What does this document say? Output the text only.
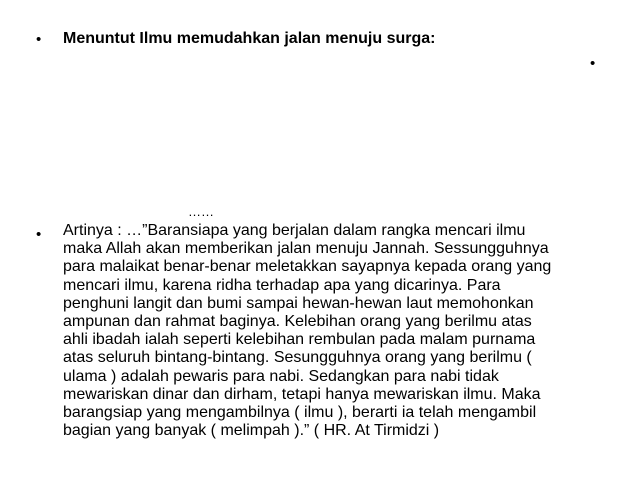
• Menuntut Ilmu memudahkan jalan menuju surga:
•
……
• Artinya : …”Baransiapa yang berjalan dalam rangka mencari ilmu
maka Allah akan memberikan jalan menuju Jannah. Sessungguhnya
para malaikat benar-benar meletakkan sayapnya kepada orang yang
mencari ilmu, karena ridha terhadap apa yang dicarinya. Para
penghuni langit dan bumi sampai hewan-hewan laut memohonkan
ampunan dan rahmat baginya. Kelebihan orang yang berilmu atas
ahli ibadah ialah seperti kelebihan rembulan pada malam purnama
atas seluruh bintang-bintang. Sesungguhnya orang yang berilmu (
ulama ) adalah pewaris para nabi. Sedangkan para nabi tidak
mewariskan dinar dan dirham, tetapi hanya mewariskan ilmu. Maka
barangsiap yang mengambilnya ( ilmu ), berarti ia telah mengambil
bagian yang banyak ( melimpah ).” ( HR. At Tirmidzi )
